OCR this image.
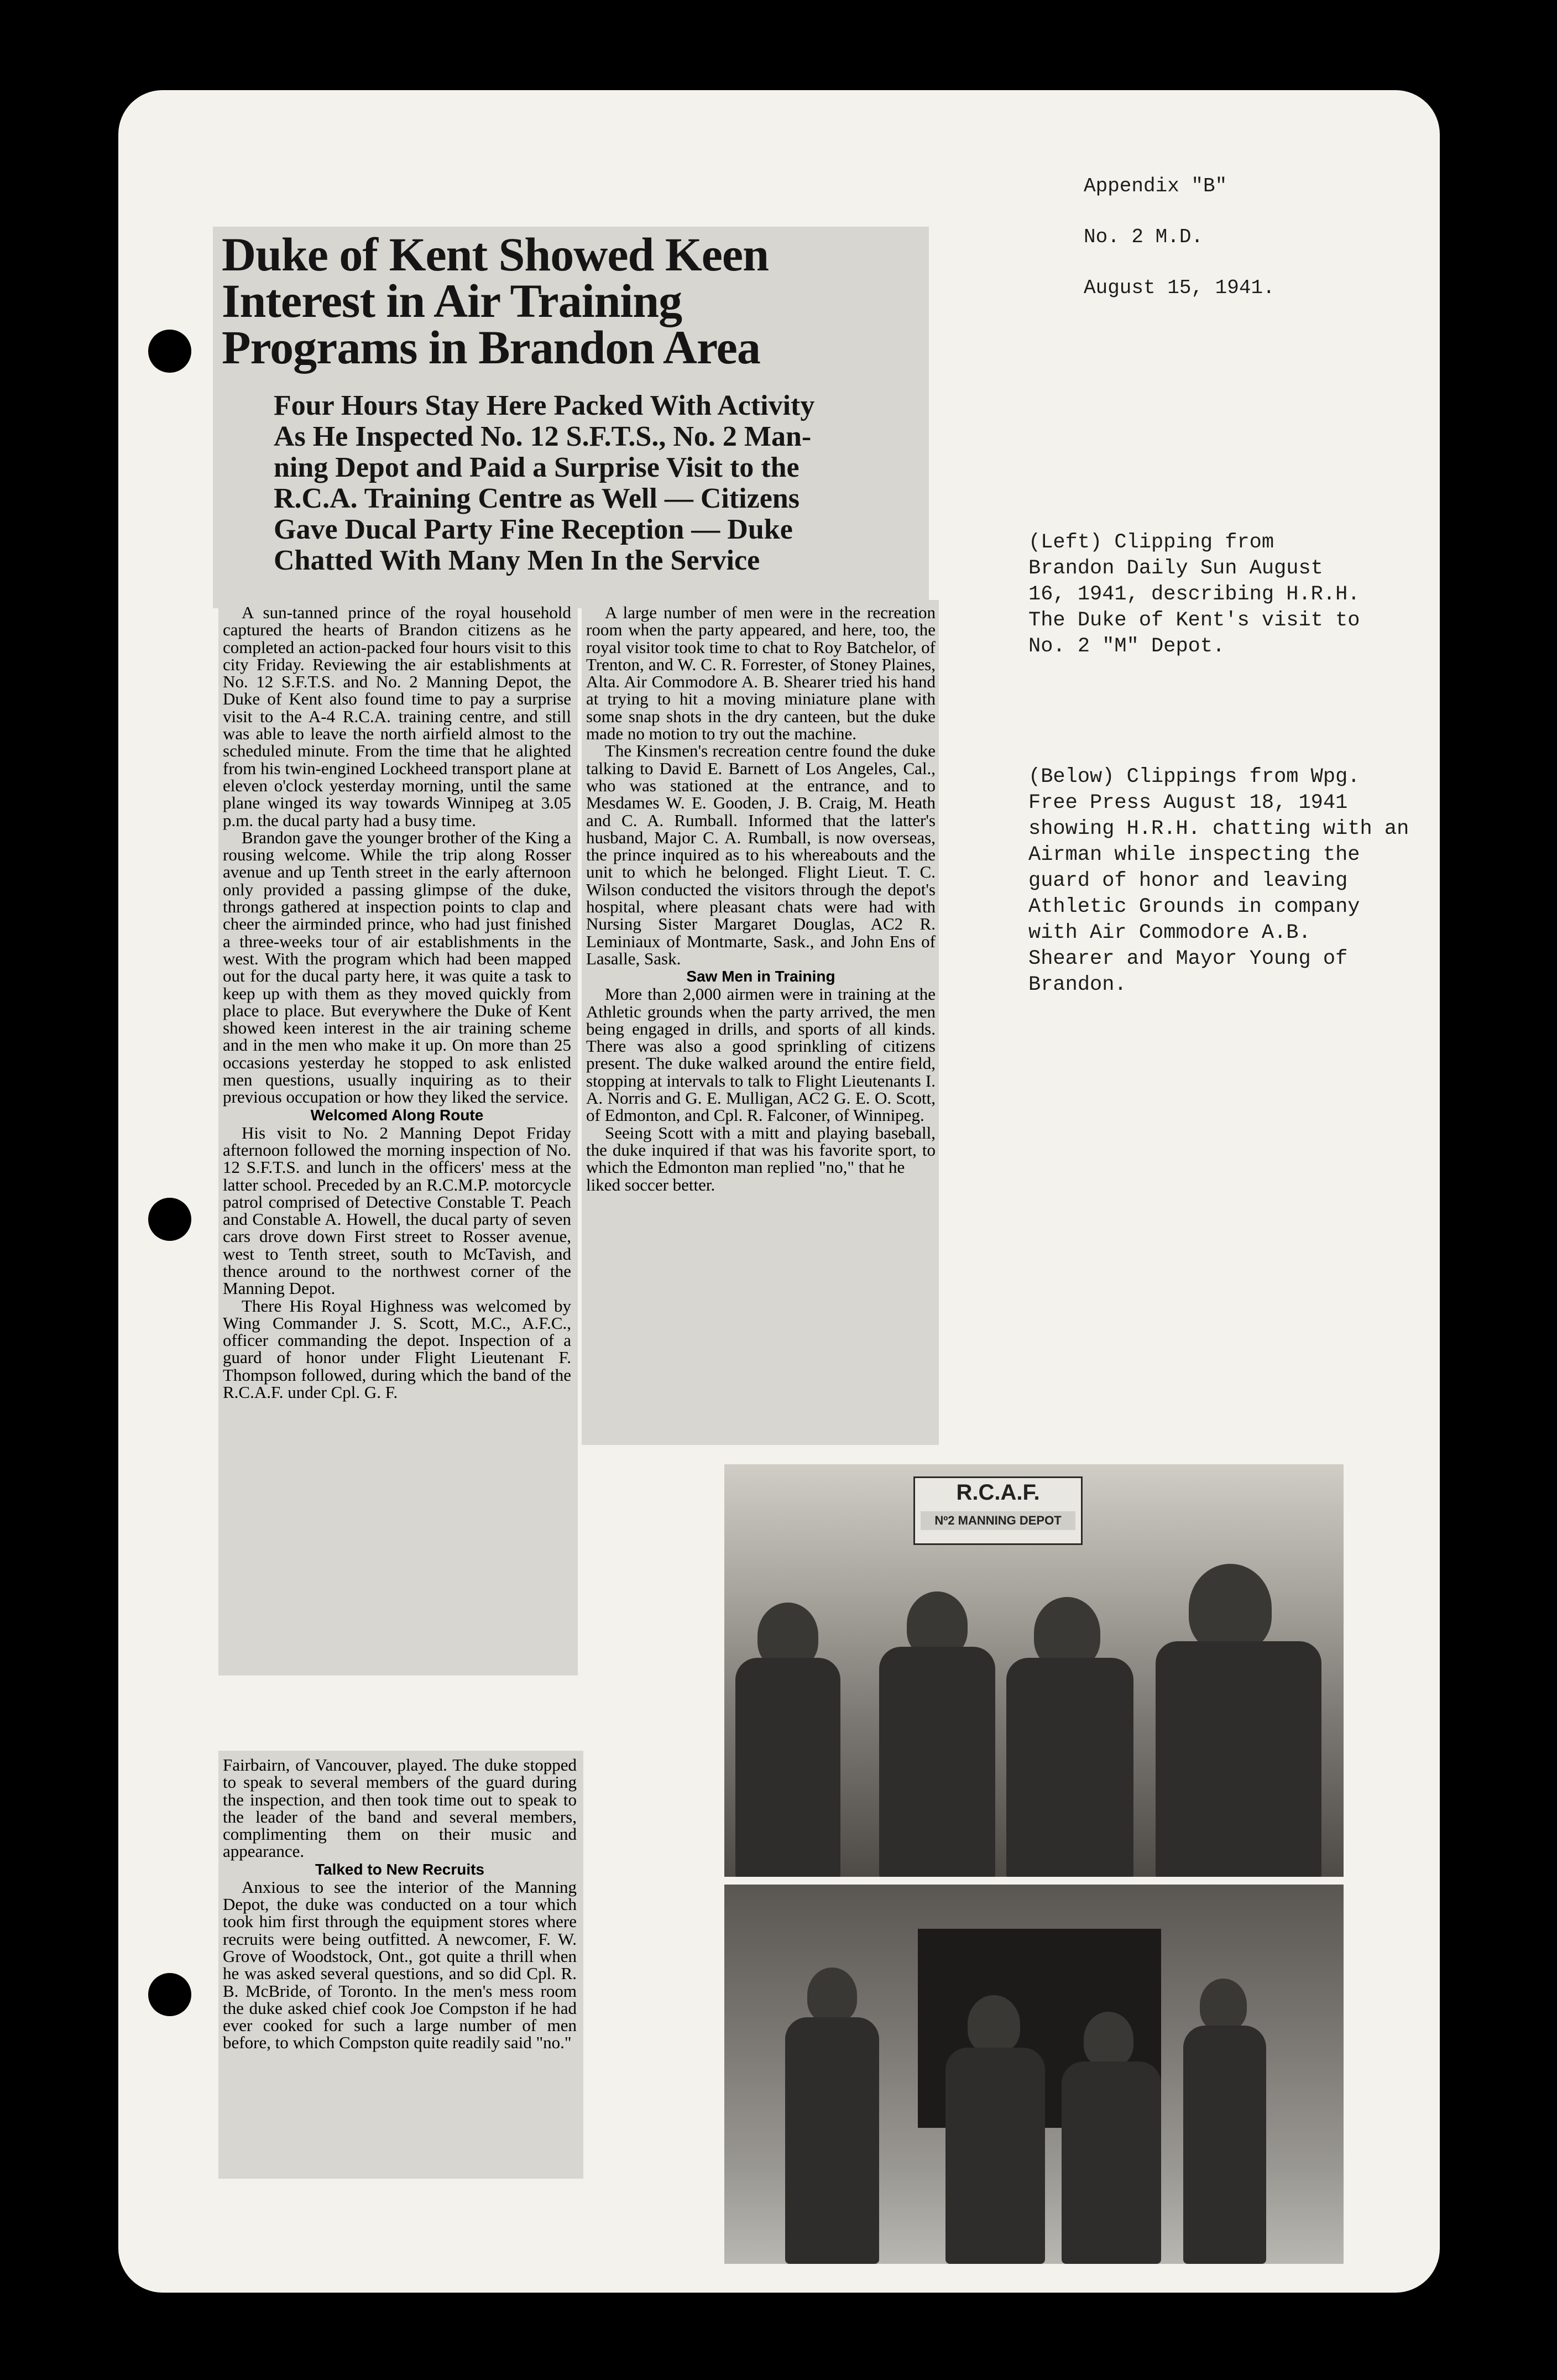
Appendix "B"

No. 2 M.D.

August 15, 1941.

(Left) Clipping from
Brandon Daily Sun August
16, 1941, describing H.R.H.
The Duke of Kent's visit to
No. 2 "M" Depot.
(Below) Clippings from Wpg.
Free Press August 18, 1941
showing H.R.H. chatting with an
Airman while inspecting the
guard of honor and leaving
Athletic Grounds in company
with Air Commodore A.B.
Shearer and Mayor Young of
Brandon.
Duke of Kent Showed Keen
Interest in Air Training
Programs in Brandon Area
Four Hours Stay Here Packed With Activity
As He Inspected No. 12 S.F.T.S., No. 2 Man-
ning Depot and Paid a Surprise Visit to the
R.C.A. Training Centre as Well — Citizens
Gave Ducal Party Fine Reception — Duke
Chatted With Many Men In the Service

A sun-tanned prince of the royal household captured the hearts of Brandon citizens as he completed an action-packed four hours visit to this city Friday. Reviewing the air establishments at No. 12 S.F.T.S. and No. 2 Manning Depot, the Duke of Kent also found time to pay a surprise visit to the A-4 R.C.A. training centre, and still was able to leave the north airfield almost to the scheduled minute. From the time that he alighted from his twin-engined Lockheed transport plane at eleven o'clock yesterday morning, until the same plane winged its way towards Winnipeg at 3.05 p.m. the ducal party had a busy time.

Brandon gave the younger brother of the King a rousing welcome. While the trip along Rosser avenue and up Tenth street in the early afternoon only provided a passing glimpse of the duke, throngs gathered at inspection points to clap and cheer the airminded prince, who had just finished a three-weeks tour of air establishments in the west. With the program which had been mapped out for the ducal party here, it was quite a task to keep up with them as they moved quickly from place to place. But everywhere the Duke of Kent showed keen interest in the air training scheme and in the men who make it up. On more than 25 occasions yesterday he stopped to ask enlisted men questions, usually inquiring as to their previous occupation or how they liked the service.

Welcomed Along Route

His visit to No. 2 Manning Depot Friday afternoon followed the morning inspection of No. 12 S.F.T.S. and lunch in the officers' mess at the latter school. Preceded by an R.C.M.P. motorcycle patrol comprised of Detective Constable T. Peach and Constable A. Howell, the ducal party of seven cars drove down First street to Rosser avenue, west to Tenth street, south to McTavish, and thence around to the northwest corner of the Manning Depot.

There His Royal Highness was welcomed by Wing Commander J. S. Scott, M.C., A.F.C., officer commanding the depot. Inspection of a guard of honor under Flight Lieutenant F. Thompson followed, during which the band of the R.C.A.F. under Cpl. G. F.

Fairbairn, of Vancouver, played. The duke stopped to speak to several members of the guard during the inspection, and then took time out to speak to the leader of the band and several members, complimenting them on their music and appearance.

Talked to New Recruits

Anxious to see the interior of the Manning Depot, the duke was conducted on a tour which took him first through the equipment stores where recruits were being outfitted. A newcomer, F. W. Grove of Woodstock, Ont., got quite a thrill when he was asked several questions, and so did Cpl. R. B. McBride, of Toronto. In the men's mess room the duke asked chief cook Joe Compston if he had ever cooked for such a large number of men before, to which Compston quite readily said "no."

A large number of men were in the recreation room when the party appeared, and here, too, the royal visitor took time to chat to Roy Batchelor, of Trenton, and W. C. R. Forrester, of Stoney Plaines, Alta. Air Commodore A. B. Shearer tried his hand at trying to hit a moving miniature plane with some snap shots in the dry canteen, but the duke made no motion to try out the machine.

The Kinsmen's recreation centre found the duke talking to David E. Barnett of Los Angeles, Cal., who was stationed at the entrance, and to Mesdames W. E. Gooden, J. B. Craig, M. Heath and C. A. Rumball. Informed that the latter's husband, Major C. A. Rumball, is now overseas, the prince inquired as to his whereabouts and the unit to which he belonged. Flight Lieut. T. C. Wilson conducted the visitors through the depot's hospital, where pleasant chats were had with Nursing Sister Margaret Douglas, AC2 R. Leminiaux of Montmarte, Sask., and John Ens of Lasalle, Sask.

Saw Men in Training

More than 2,000 airmen were in training at the Athletic grounds when the party arrived, the men being engaged in drills, and sports of all kinds. There was also a good sprinkling of citizens present. The duke walked around the entire field, stopping at intervals to talk to Flight Lieutenants I. A. Norris and G. E. Mulligan, AC2 G. E. O. Scott, of Edmonton, and Cpl. R. Falconer, of Winnipeg.

Seeing Scott with a mitt and playing baseball, the duke inquired if that was his favorite sport, to which the Edmonton man replied "no," that he

liked soccer better.

R.C.A.F.
Nº2 MANNING DEPOT
